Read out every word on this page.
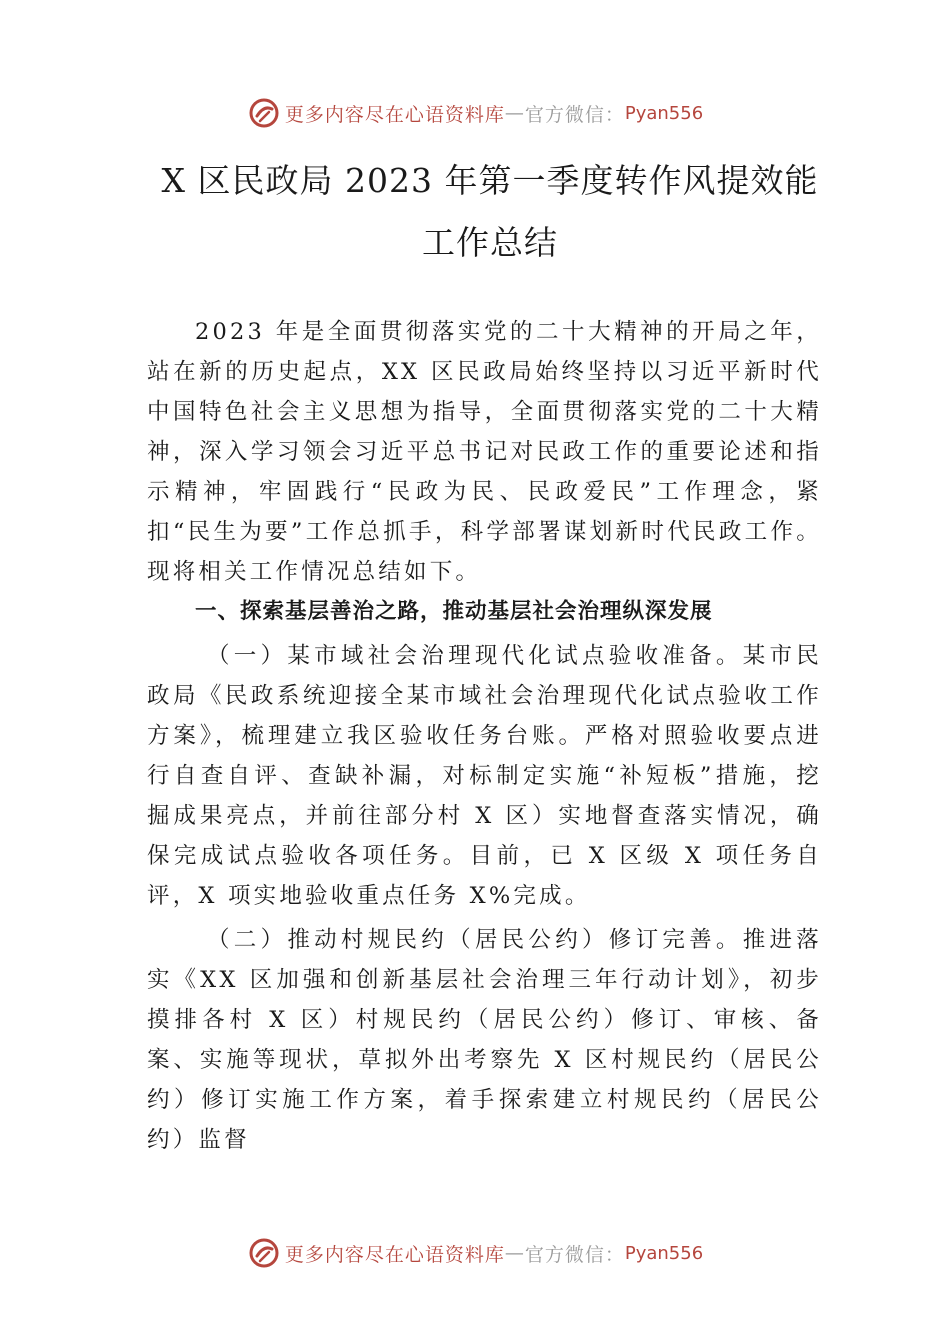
更多内容尽在心语资料库 — 官方微信： Pyan556
X 区民政局 2023 年第一季度转作风提效能
工作总结

2023 年是全面贯彻落实党的二十大精神的开局之年，站在新的历史起点，XX 区民政局始终坚持以习近平新时代中国特色社会主义思想为指导，全面贯彻落实党的二十大精神，深入学习领会习近平总书记对民政工作的重要论述和指示精神，牢固践行“民政为民、民政爱民”工作理念，紧扣“民生为要”工作总抓手，科学部署谋划新时代民政工作。 现将相关工作情况总结如下。

一、探索基层善治之路，推动基层社会治理纵深发展

（一）某市域社会治理现代化试点验收准备。某市民政局《民政系统迎接全某市域社会治理现代化试点验收工作方案》，梳理建立我区验收任务台账。严格对照验收要点进行自查自评、查缺补漏，对标制定实施“补短板”措施，挖 掘成果亮点，并前往部分村 X 区）实地督查落实情况，确保完成试点验收各项任务。目前，已 X 区级 X 项任务自评，X 项实地验收重点任务 X%完成。

（二）推动村规民约（居民公约）修订完善。推进落实《XX 区加强和创新基层社会治理三年行动计划》，初步摸排各村 X 区）村规民约（居民公约）修订、审核、备案、实施等现状，草拟外出考察先 X 区村规民约（居民公约）修订实施工作方案，着手探索建立村规民约（居民公约）监督

更多内容尽在心语资料库 — 官方微信： Pyan556
